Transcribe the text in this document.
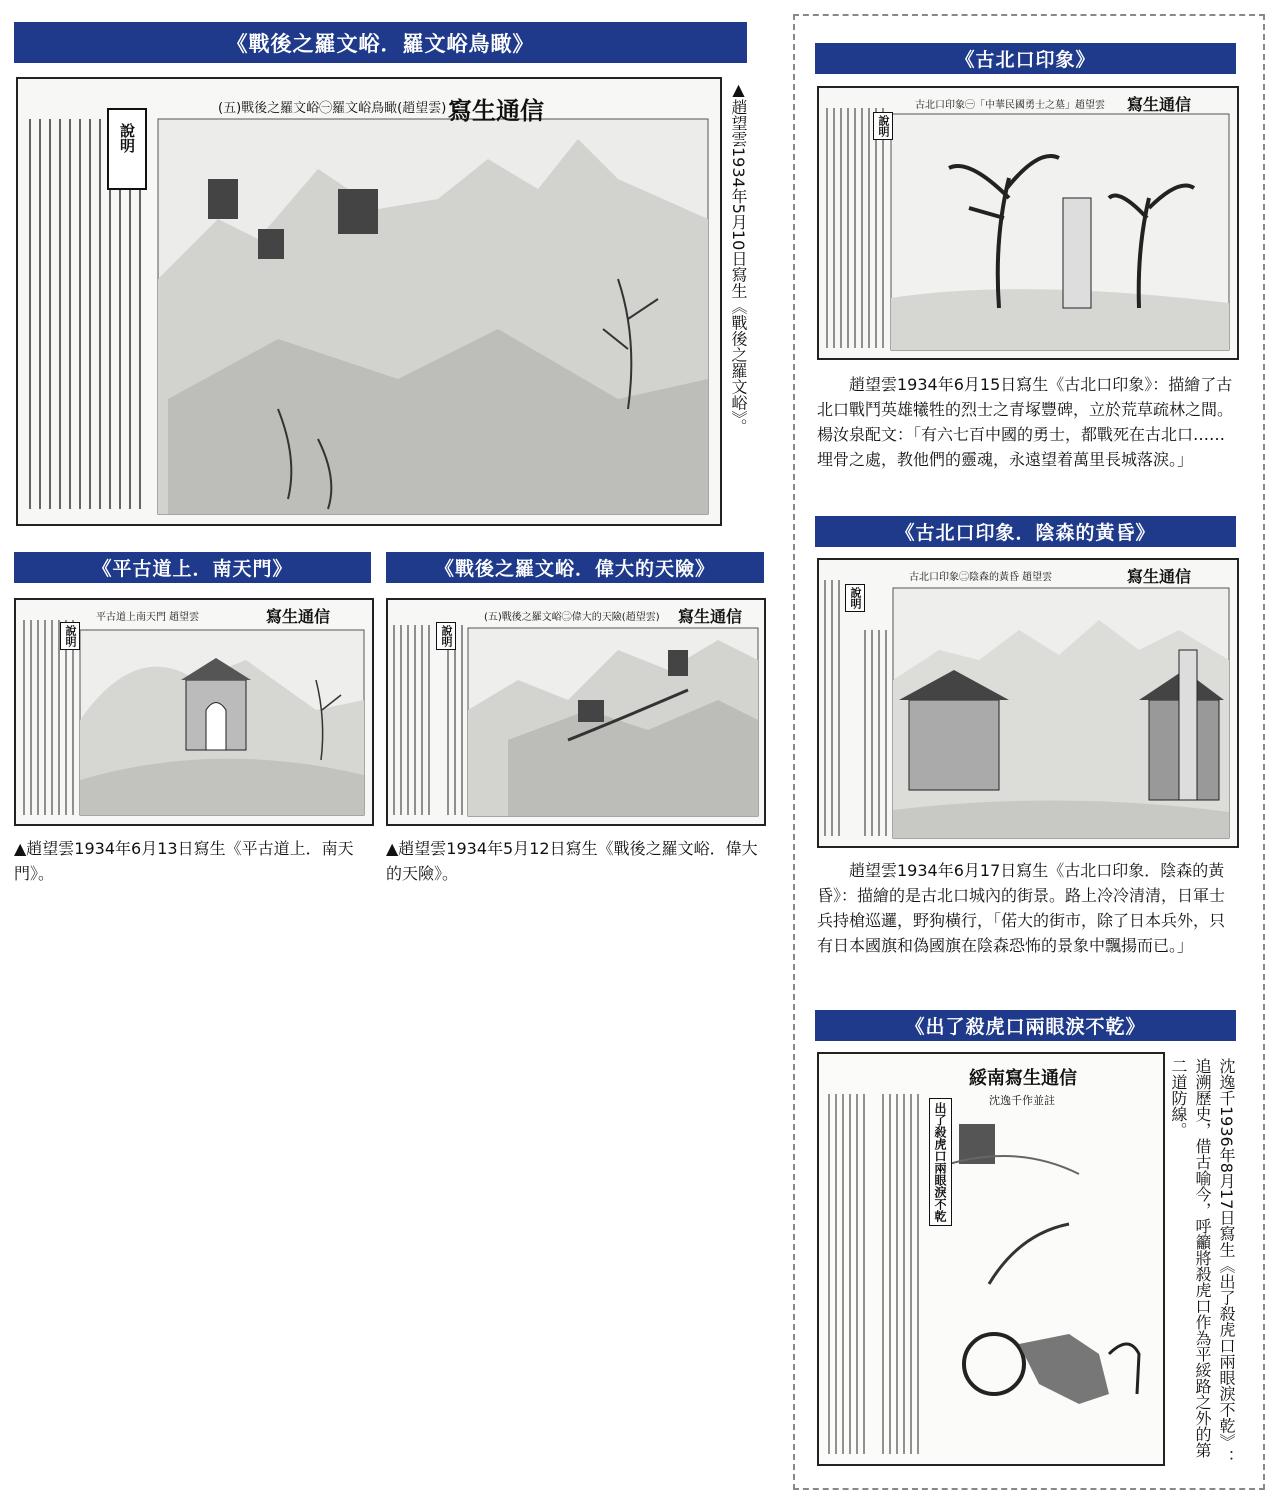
《戰後之羅文峪．羅文峪鳥瞰》
寫生通信
(五)戰後之羅文峪㊀羅文峪鳥瞰(趙望雲)
說明	▲趙望雲1934年5月10日寫生《戰後之羅文峪》。
《平古道上．南天門》
寫生通信
平古道上南天門 趙望雲
說明
▲趙望雲1934年6月13日寫生《平古道上．南天門》。
《戰後之羅文峪．偉大的天險》
寫生通信
(五)戰後之羅文峪㊁偉大的天險(趙望雲)
說明
▲趙望雲1934年5月12日寫生《戰後之羅文峪．偉大的天險》。
《古北口印象》
寫生通信
古北口印象㊀「中華民國勇士之墓」趙望雲
說明
趙望雲1934年6月15日寫生《古北口印象》：描繪了古北口戰鬥英雄犧牲的烈士之青塚豐碑，立於荒草疏林之間。楊汝泉配文：「有六七百中國的勇士，都戰死在古北口……埋骨之處，教他們的靈魂，永遠望着萬里長城落淚。」
《古北口印象．陰森的黃昏》
寫生通信
古北口印象㊁陰森的黃昏 趙望雲
說明
趙望雲1934年6月17日寫生《古北口印象．陰森的黃昏》：描繪的是古北口城內的街景。路上冷冷清清，日軍士兵持槍巡邏，野狗橫行，「偌大的街市，除了日本兵外，只有日本國旗和偽國旗在陰森恐怖的景象中飄揚而已。」
《出了殺虎口兩眼淚不乾》
綏南寫生通信
沈逸千作並註
出了殺虎口兩眼淚不乾	沈逸千1936年8月17日寫生《出了殺虎口兩眼淚不乾》：追溯歷史，借古喻今，呼籲將殺虎口作為平綏路之外的第二道防線。
